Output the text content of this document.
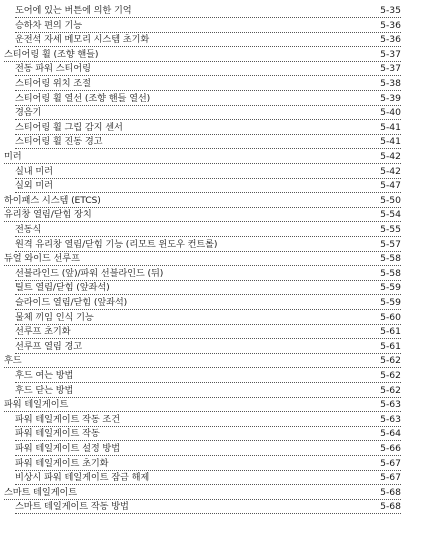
도어에 있는 버튼에 의한 기억	5-35
승하차 편의 기능	5-36
운전석 자세 메모리 시스템 초기화	5-36
스티어링 휠 (조향 핸들)	5-37
전동 파워 스티어링	5-37
스티어링 위치 조절	5-38
스티어링 휠 열선 (조향 핸들 열선)	5-39
경음기	5-40
스티어링 휠 그립 감지 센서	5-41
스티어링 휠 진동 경고	5-41
미러	5-42
실내 미러	5-42
실외 미러	5-47
하이패스 시스템 (ETCS)	5-50
유리창 열림/닫힘 장치	5-54
전동식	5-55
원격 유리창 열림/닫힘 기능 (리모트 윈도우 컨트롤)	5-57
듀얼 와이드 선루프	5-58
선블라인드 (앞)/파워 선블라인드 (뒤)	5-58
틸트 열림/닫힘 (앞좌석)	5-59
슬라이드 열림/닫힘 (앞좌석)	5-59
물체 끼임 인식 기능	5-60
선루프 초기화	5-61
선루프 열림 경고	5-61
후드	5-62
후드 여는 방법	5-62
후드 닫는 방법	5-62
파워 테일게이트	5-63
파워 테일게이트 작동 조건	5-63
파워 테일게이트 작동	5-64
파워 테일게이트 설정 방법	5-66
파워 테일게이트 초기화	5-67
비상시 파워 테일게이트 잠금 해제	5-67
스마트 테일게이트	5-68
스마트 테일게이트 작동 방법	5-68
